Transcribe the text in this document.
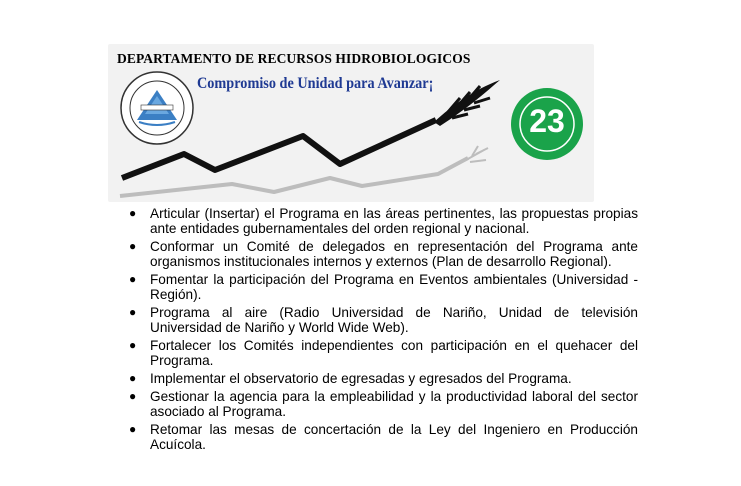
DEPARTAMENTO DE RECURSOS HIDROBIOLOGICOS
Compromiso de Unidad para Avanzar¡
23
● Articular (Insertar) el Programa en las áreas pertinentes, las propuestas propias ante entidades gubernamentales del orden regional y nacional.
● Conformar un Comité de delegados en representación del Programa ante organismos institucionales internos y externos (Plan de desarrollo Regional).
● Fomentar la participación del Programa en Eventos ambientales (Universidad - Región).
● Programa al aire (Radio Universidad de Nariño, Unidad de televisión Universidad de Nariño y World Wide Web).
● Fortalecer los Comités independientes con participación en el quehacer del Programa.
● Implementar el observatorio de egresadas y egresados del Programa.
● Gestionar la agencia para la empleabilidad y la productividad laboral del sector asociado al Programa.
● Retomar las mesas de concertación de la Ley del Ingeniero en Producción Acuícola.
